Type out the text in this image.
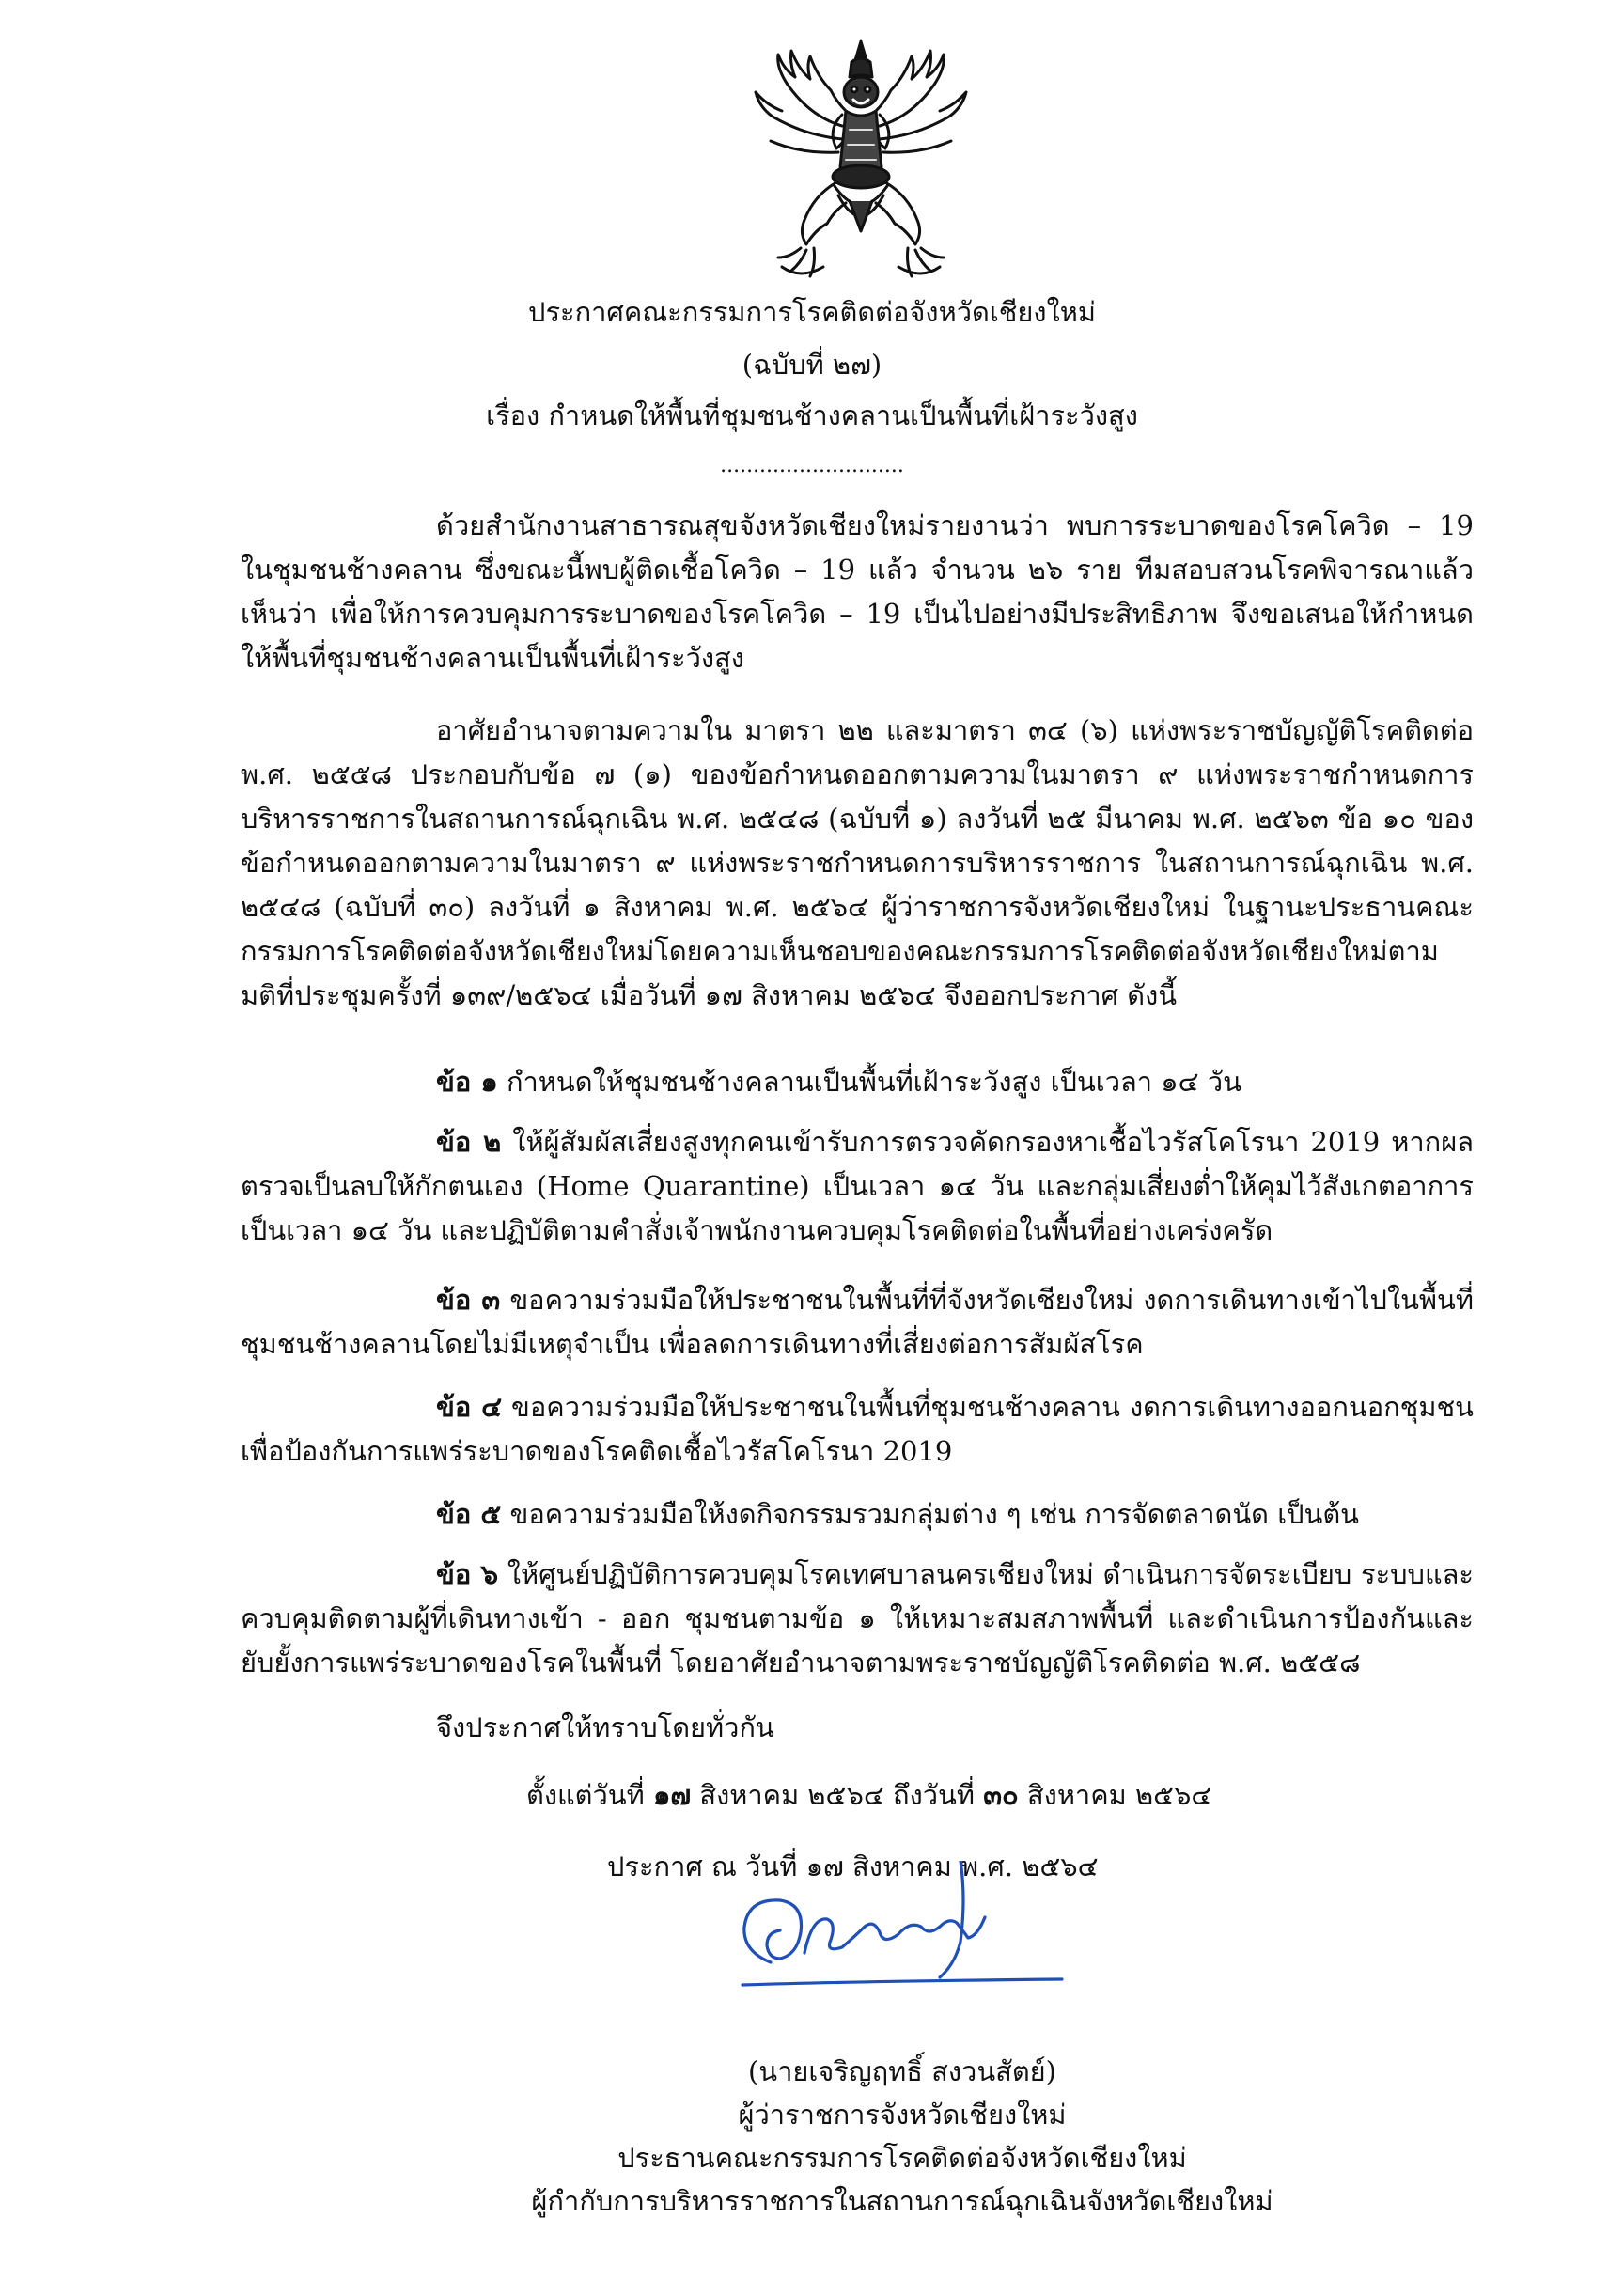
ประกาศคณะกรรมการโรคติดต่อจังหวัดเชียงใหม่
(ฉบับที่ ๒๗)
เรื่อง กำหนดให้พื้นที่ชุมชนช้างคลานเป็นพื้นที่เฝ้าระวังสูง
............................
ด้วยสำนักงานสาธารณสุขจังหวัดเชียงใหม่รายงานว่า พบการระบาดของโรคโควิด – 19 ในชุมชนช้างคลาน ซึ่งขณะนี้พบผู้ติดเชื้อโควิด – 19 แล้ว จำนวน ๒๖ ราย ทีมสอบสวนโรคพิจารณาแล้วเห็นว่า เพื่อให้การควบคุมการระบาดของโรคโควิด – 19 เป็นไปอย่างมีประสิทธิภาพ จึงขอเสนอให้กำหนดให้พื้นที่ชุมชนช้างคลานเป็นพื้นที่เฝ้าระวังสูง
อาศัยอำนาจตามความใน มาตรา ๒๒ และมาตรา ๓๔ (๖) แห่งพระราชบัญญัติโรคติดต่อ พ.ศ. ๒๕๕๘ ประกอบกับข้อ ๗ (๑) ของข้อกำหนดออกตามความในมาตรา ๙ แห่งพระราชกำหนดการบริหารราชการในสถานการณ์ฉุกเฉิน พ.ศ. ๒๕๔๘ (ฉบับที่ ๑) ลงวันที่ ๒๕ มีนาคม พ.ศ. ๒๕๖๓ ข้อ ๑๐ ของข้อกำหนดออกตามความในมาตรา ๙ แห่งพระราชกำหนดการบริหารราชการ ในสถานการณ์ฉุกเฉิน พ.ศ. ๒๕๔๘ (ฉบับที่ ๓๐) ลงวันที่ ๑ สิงหาคม พ.ศ. ๒๕๖๔ ผู้ว่าราชการจังหวัดเชียงใหม่ ในฐานะประธานคณะกรรมการโรคติดต่อจังหวัดเชียงใหม่โดยความเห็นชอบของคณะกรรมการโรคติดต่อจังหวัดเชียงใหม่ตามมติที่ประชุมครั้งที่ ๑๓๙/๒๕๖๔ เมื่อวันที่ ๑๗ สิงหาคม ๒๕๖๔ จึงออกประกาศ ดังนี้
ข้อ ๑ กำหนดให้ชุมชนช้างคลานเป็นพื้นที่เฝ้าระวังสูง เป็นเวลา ๑๔ วัน
ข้อ ๒ ให้ผู้สัมผัสเสี่ยงสูงทุกคนเข้ารับการตรวจคัดกรองหาเชื้อไวรัสโคโรนา 2019 หากผลตรวจเป็นลบให้กักตนเอง (Home Quarantine) เป็นเวลา ๑๔ วัน และกลุ่มเสี่ยงต่ำให้คุมไว้สังเกตอาการ เป็นเวลา ๑๔ วัน และปฏิบัติตามคำสั่งเจ้าพนักงานควบคุมโรคติดต่อในพื้นที่อย่างเคร่งครัด
ข้อ ๓ ขอความร่วมมือให้ประชาชนในพื้นที่ที่จังหวัดเชียงใหม่ งดการเดินทางเข้าไปในพื้นที่ชุมชนช้างคลานโดยไม่มีเหตุจำเป็น เพื่อลดการเดินทางที่เสี่ยงต่อการสัมผัสโรค
ข้อ ๔ ขอความร่วมมือให้ประชาชนในพื้นที่ชุมชนช้างคลาน งดการเดินทางออกนอกชุมชนเพื่อป้องกันการแพร่ระบาดของโรคติดเชื้อไวรัสโคโรนา 2019
ข้อ ๕ ขอความร่วมมือให้งดกิจกรรมรวมกลุ่มต่าง ๆ เช่น การจัดตลาดนัด เป็นต้น
ข้อ ๖ ให้ศูนย์ปฏิบัติการควบคุมโรคเทศบาลนครเชียงใหม่ ดำเนินการจัดระเบียบ ระบบและควบคุมติดตามผู้ที่เดินทางเข้า - ออก ชุมชนตามข้อ ๑ ให้เหมาะสมสภาพพื้นที่ และดำเนินการป้องกันและยับยั้งการแพร่ระบาดของโรคในพื้นที่ โดยอาศัยอำนาจตามพระราชบัญญัติโรคติดต่อ พ.ศ. ๒๕๕๘
จึงประกาศให้ทราบโดยทั่วกัน
ตั้งแต่วันที่ ๑๗ สิงหาคม ๒๕๖๔ ถึงวันที่ ๓๐ สิงหาคม ๒๕๖๔
ประกาศ ณ วันที่ ๑๗ สิงหาคม พ.ศ. ๒๕๖๔
(นายเจริญฤทธิ์ สงวนสัตย์)
ผู้ว่าราชการจังหวัดเชียงใหม่
ประธานคณะกรรมการโรคติดต่อจังหวัดเชียงใหม่
ผู้กำกับการบริหารราชการในสถานการณ์ฉุกเฉินจังหวัดเชียงใหม่
